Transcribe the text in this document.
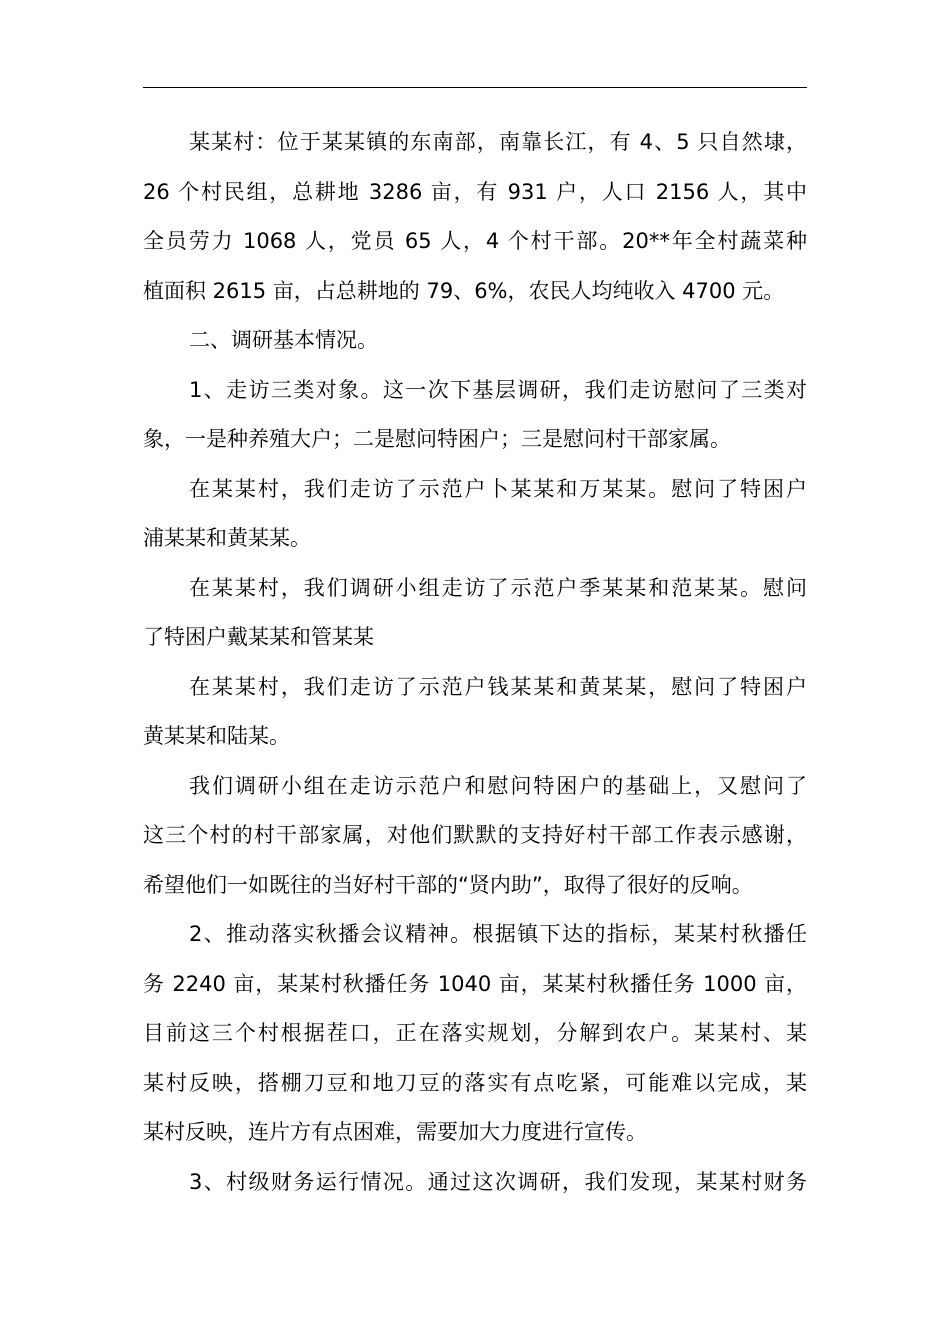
某某村：位于某某镇的东南部，南靠长江，有 4、5 只自然埭，
26 个村民组，总耕地 3286 亩，有 931 户，人口 2156 人，其中
全员劳力 1068 人，党员 65 人，4 个村干部。20**年全村蔬菜种
植面积 2615 亩，占总耕地的 79、6%，农民人均纯收入 4700 元。
二、调研基本情况。
1、走访三类对象。这一次下基层调研，我们走访慰问了三类对
象，一是种养殖大户；二是慰问特困户；三是慰问村干部家属。
在某某村，我们走访了示范户卜某某和万某某。慰问了特困户
浦某某和黄某某。
在某某村，我们调研小组走访了示范户季某某和范某某。慰问
了特困户戴某某和管某某
在某某村，我们走访了示范户钱某某和黄某某，慰问了特困户
黄某某和陆某。
我们调研小组在走访示范户和慰问特困户的基础上，又慰问了
这三个村的村干部家属，对他们默默的支持好村干部工作表示感谢，
希望他们一如既往的当好村干部的“贤内助”，取得了很好的反响。
2、推动落实秋播会议精神。根据镇下达的指标，某某村秋播任
务 2240 亩，某某村秋播任务 1040 亩，某某村秋播任务 1000 亩，
目前这三个村根据茬口，正在落实规划，分解到农户。某某村、某
某村反映，搭棚刀豆和地刀豆的落实有点吃紧，可能难以完成，某
某村反映，连片方有点困难，需要加大力度进行宣传。
3、村级财务运行情况。通过这次调研，我们发现，某某村财务
